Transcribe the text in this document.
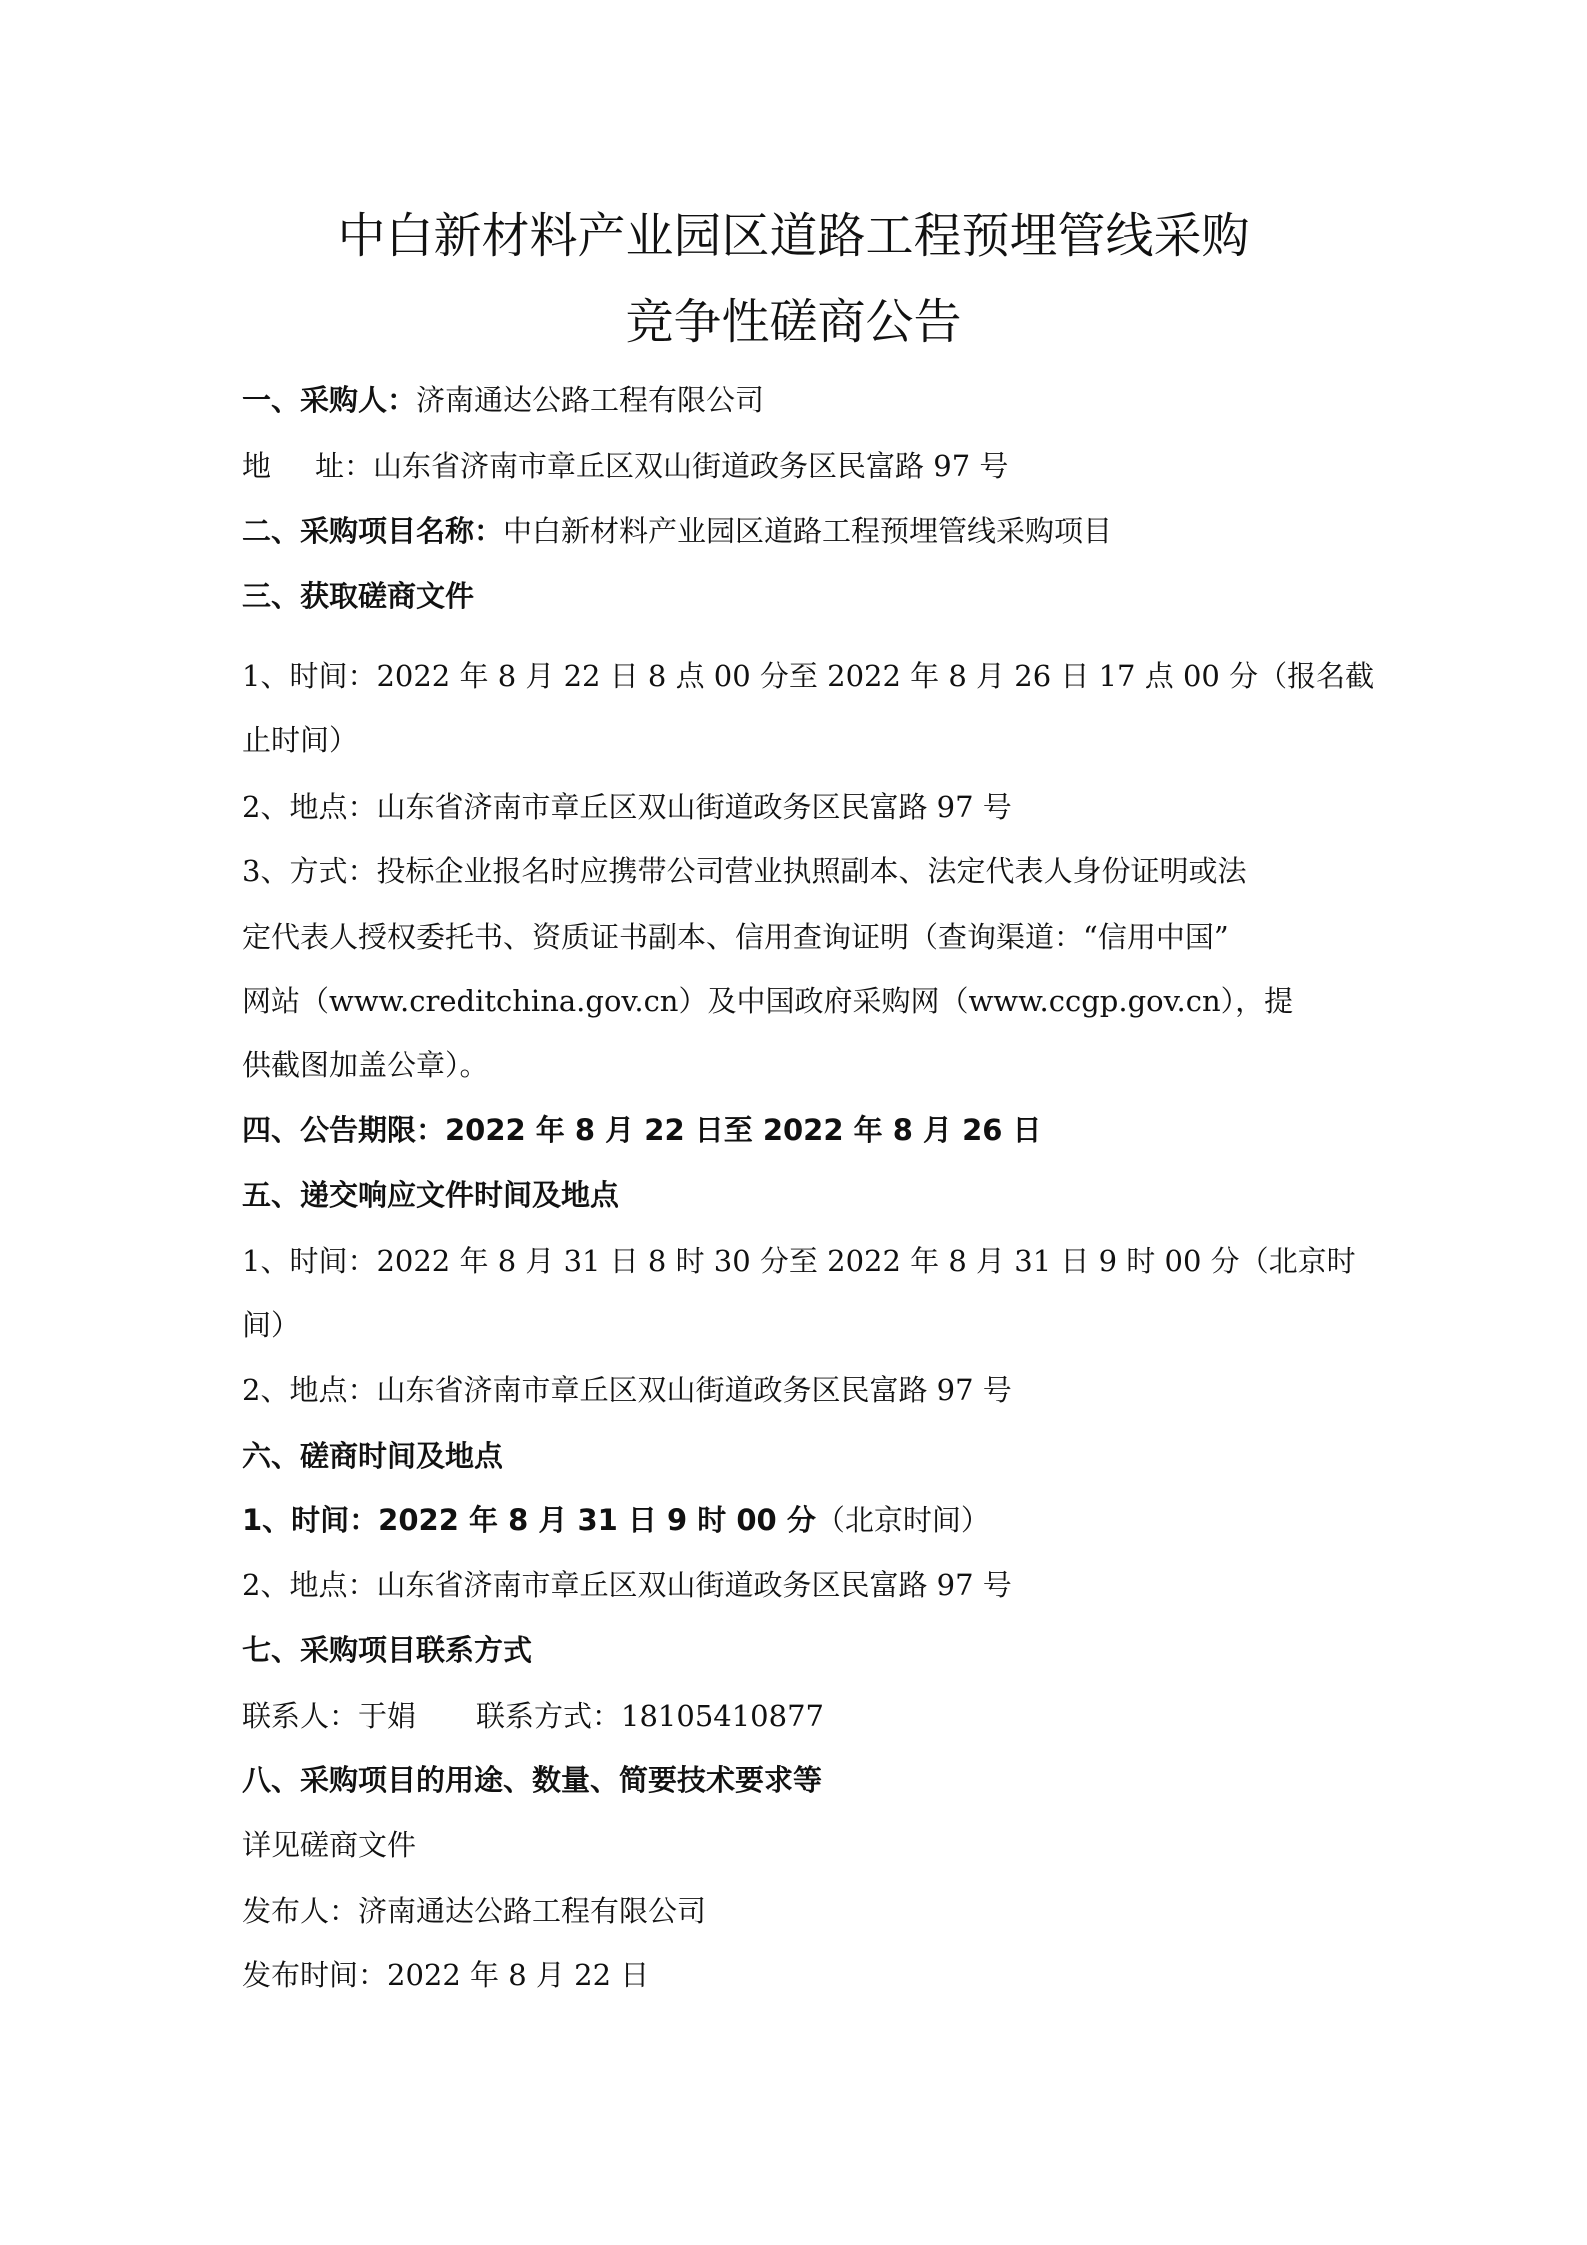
中白新材料产业园区道路工程预埋管线采购
竞争性磋商公告
一、采购人：济南通达公路工程有限公司
地 址：山东省济南市章丘区双山街道政务区民富路 97 号
二、采购项目名称：中白新材料产业园区道路工程预埋管线采购项目
三、获取磋商文件
1、时间：2022 年 8 月 22 日 8 点 00 分至 2022 年 8 月 26 日 17 点 00 分（报名截
止时间）
2、地点：山东省济南市章丘区双山街道政务区民富路 97 号
3、方式：投标企业报名时应携带公司营业执照副本、法定代表人身份证明或法
定代表人授权委托书、资质证书副本、信用查询证明（查询渠道：“信用中国”
网站（www.creditchina.gov.cn）及中国政府采购网（www.ccgp.gov.cn），提
供截图加盖公章）。
四、公告期限：2022 年 8 月 22 日至 2022 年 8 月 26 日
五、递交响应文件时间及地点
1、时间：2022 年 8 月 31 日 8 时 30 分至 2022 年 8 月 31 日 9 时 00 分（北京时
间）
2、地点：山东省济南市章丘区双山街道政务区民富路 97 号
六、磋商时间及地点
1、时间：2022 年 8 月 31 日 9 时 00 分（北京时间）
2、地点：山东省济南市章丘区双山街道政务区民富路 97 号
七、采购项目联系方式
联系人：于娟 联系方式：18105410877
八、采购项目的用途、数量、简要技术要求等
详见磋商文件
发布人：济南通达公路工程有限公司
发布时间：2022 年 8 月 22 日
